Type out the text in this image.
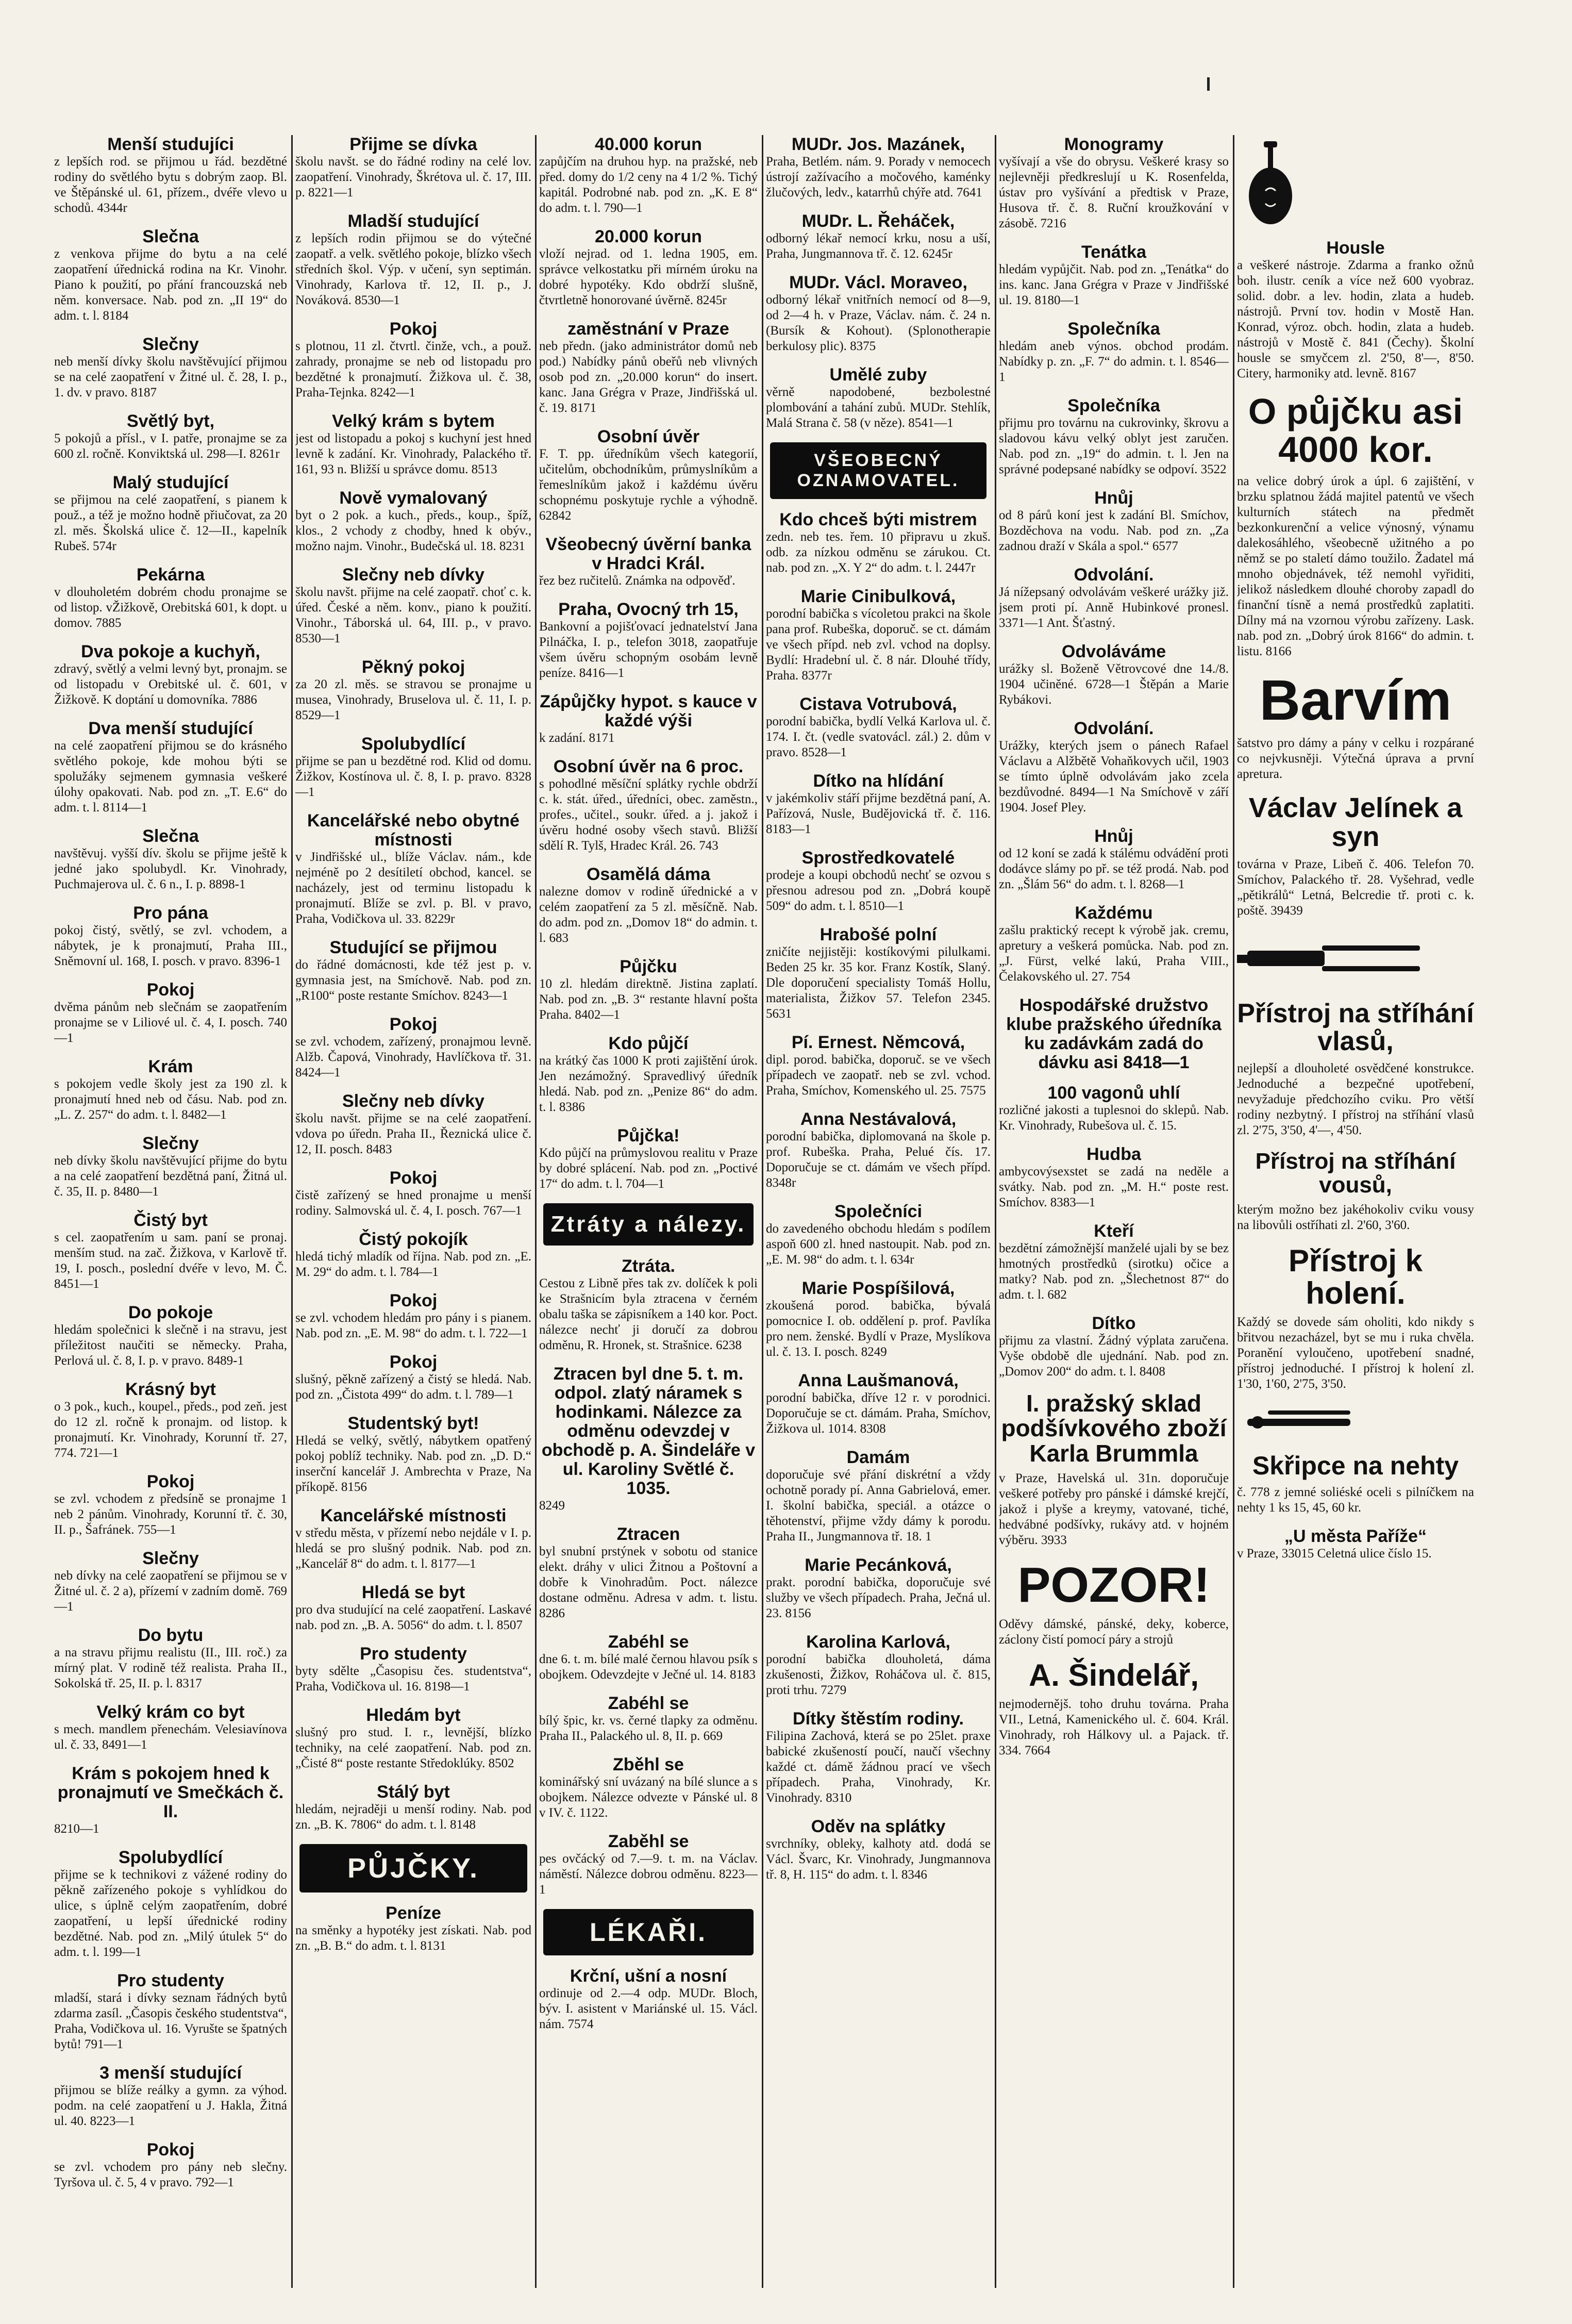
Menší studujíci
z lepších rod. se přijmou u řád. bezdětné rodiny do světlého bytu s dobrým zaop. Bl. ve Štěpánské ul. 61, přízem., dvéře vlevo u schodů. 4344r
Slečna
z venkova přijme do bytu a na celé zaopatření úřednická rodina na Kr. Vinohr. Piano k použití, po přání francouzská neb něm. konversace. Nab. pod zn. „II 19“ do adm. t. l. 8184
Slečny
neb menší dívky školu navštěvující přijmou se na celé zaopatření v Žitné ul. č. 28, I. p., 1. dv. v pravo. 8187
Světlý byt,
5 pokojů a přísl., v I. patře, pronajme se za 600 zl. ročně. Konviktská ul. 298—I. 8261r
Malý studující
se přijmou na celé zaopatření, s pianem k použ., a též je možno hodně přiučovat, za 20 zl. měs. Školská ulice č. 12—II., kapelník Rubeš. 574r
Pekárna
v dlouholetém dobrém chodu pronajme se od listop. vŽižkově, Orebitská 601, k dopt. u domov. 7885
Dva pokoje a kuchyň,
zdravý, světlý a velmi levný byt, pronajm. se od listopadu v Orebitské ul. č. 601, v Žižkově. K doptání u domovníka. 7886
Dva menší studující
na celé zaopatření přijmou se do krásného světlého pokoje, kde mohou býti se spolužáky sejmenem gymnasia veškeré úlohy opakovati. Nab. pod zn. „T. E.6“ do adm. t. l. 8114—1
Slečna
navštěvuj. vyšší dív. školu se přijme ještě k jedné jako spolubydl. Kr. Vinohrady, Puchmajerova ul. č. 6 n., I. p. 8898-1
Pro pána
pokoj čistý, světlý, se zvl. vchodem, a nábytek, je k pronajmutí, Praha III., Sněmovní ul. 168, I. posch. v pravo. 8396-1
Pokoj
dvěma pánům neb slečnám se zaopatřením pronajme se v Liliové ul. č. 4, I. posch. 740—1
Krám
s pokojem vedle školy jest za 190 zl. k pronajmutí hned neb od čásu. Nab. pod zn. „L. Z. 257“ do adm. t. l. 8482—1
Slečny
neb dívky školu navštěvující přijme do bytu a na celé zaopatření bezdětná paní, Žitná ul. č. 35, II. p. 8480—1
Čistý byt
s cel. zaopatřením u sam. paní se pronaj. menším stud. na zač. Žižkova, v Karlově tř. 19, I. posch., poslední dvéře v levo, M. Č. 8451—1
Do pokoje
hledám společnici k slečně i na stravu, jest příležitost naučiti se německy. Praha, Perlová ul. č. 8, I. p. v pravo. 8489-1
Krásný byt
o 3 pok., kuch., koupel., předs., pod zeň. jest do 12 zl. ročně k pronajm. od listop. k pronajmutí. Kr. Vinohrady, Korunní tř. 27, 774. 721—1
Pokoj
se zvl. vchodem z předsíně se pronajme 1 neb 2 pánům. Vinohrady, Korunní tř. č. 30, II. p., Šafránek. 755—1
Slečny
neb dívky na celé zaopatření se přijmou se v Žitné ul. č. 2 a), přízemí v zadním domě. 769—1
Do bytu
a na stravu přijmu realistu (II., III. roč.) za mírný plat. V rodině též realista. Praha II., Sokolská tř. 25, II. p. l. 8317
Velký krám co byt
s mech. mandlem přenechám. Velesiavínova ul. č. 33, 8491—1
Krám s pokojem hned k pronajmutí ve Smečkách č. II.
8210—1
Spolubydlící
přijme se k technikovi z vážené rodiny do pěkně zařízeného pokoje s vyhlídkou do ulice, s úplně celým zaopatřením, dobré zaopatření, u lepší úřednické rodiny bezdětné. Nab. pod zn. „Milý útulek 5“ do adm. t. l. 199—1
Pro studenty
mladší, stará i dívky seznam řádných bytů zdarma zasíl. „Časopis českého studentstva“, Praha, Vodičkova ul. 16. Vyrušte se špatných bytů! 791—1
3 menší studující
přijmou se blíže reálky a gymn. za výhod. podm. na celé zaopatření u J. Hakla, Žitná ul. 40. 8223—1
Pokoj
se zvl. vchodem pro pány neb slečny. Tyršova ul. č. 5, 4 v pravo. 792—1
Přijme se dívka
školu navšt. se do řádné rodiny na celé lov. zaopatření. Vinohrady, Škrétova ul. č. 17, III. p. 8221—1
Mladší studující
z lepších rodin přijmou se do výtečné zaopatř. a velk. světlého pokoje, blízko všech středních škol. Výp. v učení, syn septimán. Vinohrady, Karlova tř. 12, II. p., J. Nováková. 8530—1
Pokoj
s plotnou, 11 zl. čtvrtl. činže, vch., a použ. zahrady, pronajme se neb od listopadu pro bezdětné k pronajmutí. Žižkova ul. č. 38, Praha-Tejnka. 8242—1
Velký krám s bytem
jest od listopadu a pokoj s kuchyní jest hned levně k zadání. Kr. Vinohrady, Palackého tř. 161, 93 n. Bližší u správce domu. 8513
Nově vymalovaný
byt o 2 pok. a kuch., předs., koup., špíž, klos., 2 vchody z chodby, hned k obýv., možno najm. Vinohr., Budečská ul. 18. 8231
Slečny neb dívky
školu navšt. přijme na celé zaopatř. choť c. k. úřed. České a něm. konv., piano k použití. Vinohr., Táborská ul. 64, III. p., v pravo. 8530—1
Pěkný pokoj
za 20 zl. měs. se stravou se pronajme u musea, Vinohrady, Bruselova ul. č. 11, I. p. 8529—1
Spolubydlící
přijme se pan u bezdětné rod. Klid od domu. Žižkov, Kostínova ul. č. 8, I. p. pravo. 8328—1
Kancelářské nebo obytné místnosti
v Jindřišské ul., blíže Václav. nám., kde nejméně po 2 desítiletí obchod, kancel. se nacházely, jest od terminu listopadu k pronajmutí. Blíže se zvl. p. Bl. v pravo, Praha, Vodičkova ul. 33. 8229r
Studující se přijmou
do řádné domácnosti, kde též jest p. v. gymnasia jest, na Smíchově. Nab. pod zn. „R100“ poste restante Smíchov. 8243—1
Pokoj
se zvl. vchodem, zařízený, pronajmou levně. Alžb. Čapová, Vinohrady, Havlíčkova tř. 31. 8424—1
Slečny neb dívky
školu navšt. přijme se na celé zaopatření. vdova po úředn. Praha II., Řeznická ulice č. 12, II. posch. 8483
Pokoj
čistě zařízený se hned pronajme u menší rodiny. Salmovská ul. č. 4, I. posch. 767—1
Čistý pokojík
hledá tichý mladík od října. Nab. pod zn. „E. M. 29“ do adm. t. l. 784—1
Pokoj
se zvl. vchodem hledám pro pány i s pianem. Nab. pod zn. „E. M. 98“ do adm. t. l. 722—1
Pokoj
slušný, pěkně zařízený a čistý se hledá. Nab. pod zn. „Čistota 499“ do adm. t. l. 789—1
Studentský byt!
Hledá se velký, světlý, nábytkem opatřený pokoj poblíž techniky. Nab. pod zn. „D. D.“ inserční kancelář J. Ambrechta v Praze, Na příkopě. 8156
Kancelářské místnosti
v středu města, v přízemí nebo nejdále v I. p. hledá se pro slušný podnik. Nab. pod zn. „Kancelář 8“ do adm. t. l. 8177—1
Hledá se byt
pro dva studující na celé zaopatření. Laskavé nab. pod zn. „B. A. 5056“ do adm. t. l. 8507
Pro studenty
byty sdělte „Časopisu čes. studentstva“, Praha, Vodičkova ul. 16. 8198—1
Hledám byt
slušný pro stud. I. r., levnější, blízko techniky, na celé zaopatření. Nab. pod zn. „Čisté 8“ poste restante Středoklúky. 8502
Stálý byt
hledám, nejraději u menší rodiny. Nab. pod zn. „B. K. 7806“ do adm. t. l. 8148
PŮJČKY.
Peníze
na směnky a hypotéky jest získati. Nab. pod zn. „B. B.“ do adm. t. l. 8131
40.000 korun
zapůjčím na druhou hyp. na pražské, neb před. domy do 1/2 ceny na 4 1/2 %. Tichý kapitál. Podrobné nab. pod zn. „K. E 8“ do adm. t. l. 790—1
20.000 korun
vloží nejrad. od 1. ledna 1905, em. správce velkostatku při mírném úroku na dobré hypotéky. Kdo obdrží slušně, čtvrtletně honorované úvěrně. 8245r
zaměstnání v Praze
neb předn. (jako administrátor domů neb pod.) Nabídky pánů obeřů neb vlivných osob pod zn. „20.000 korun“ do insert. kanc. Jana Grégra v Praze, Jindřišská ul. č. 19. 8171
Osobní úvěr
F. T. pp. úředníkům všech kategorií, učitelům, obchodníkům, průmyslníkům a řemeslníkům jakož i každému úvěru schopnému poskytuje rychle a výhodně. 62842
Všeobecný úvěrní banka v Hradci Král.
řez bez ručitelů. Známka na odpověď.
Praha, Ovocný trh 15,
Bankovní a pojišťovací jednatelství Jana Pilnáčka, I. p., telefon 3018, zaopatřuje všem úvěru schopným osobám levně peníze. 8416—1
Zápůjčky hypot. s kauce v každé výši
k zadání. 8171
Osobní úvěr na 6 proc.
s pohodlné měsíční splátky rychle obdrží c. k. stát. úřed., úředníci, obec. zaměstn., profes., učitel., soukr. úřed. a j. jakož i úvěru hodné osoby všech stavů. Bližší sdělí R. Tylš, Hradec Král. 26. 743
Osamělá dáma
nalezne domov v rodině úřednické a v celém zaopatření za 5 zl. měsíčně. Nab. do adm. pod zn. „Domov 18“ do admin. t. l. 683
Půjčku
10 zl. hledám direktně. Jistina zaplatí. Nab. pod zn. „B. 3“ restante hlavní pošta Praha. 8402—1
Kdo půjčí
na krátký čas 1000 K proti zajištění úrok. Jen nezámožný. Spravedlivý úředník hledá. Nab. pod zn. „Penize 86“ do adm. t. l. 8386
Půjčka!
Kdo půjčí na průmyslovou realitu v Praze by dobré splácení. Nab. pod zn. „Poctivé 17“ do adm. t. l. 704—1
Ztráty a nálezy.
Ztráta.
Cestou z Libně přes tak zv. dolíček k poli ke Strašnicím byla ztracena v černém obalu taška se zápisníkem a 140 kor. Poct. nálezce nechť ji doručí za dobrou odměnu, R. Hronek, st. Strašnice. 6238
Ztracen byl dne 5. t. m. odpol. zlatý náramek s hodinkami. Nálezce za odměnu odevzdej v obchodě p. A. Šindeláře v ul. Karoliny Světlé č. 1035.
8249
Ztracen
byl snubní prstýnek v sobotu od stanice elekt. dráhy v ulici Žitnou a Poštovní a dobře k Vinohradům. Poct. nálezce dostane odměnu. Adresa v adm. t. listu. 8286
Zabéhl se
dne 6. t. m. bílé malé černou hlavou psík s obojkem. Odevzdejte v Ječné ul. 14. 8183
Zabéhl se
bílý špic, kr. vs. černé tlapky za odměnu. Praha II., Palackého ul. 8, II. p. 669
Zběhl se
kominářský sní uvázaný na bílé slunce a s obojkem. Nálezce odvezte v Pánské ul. 8 v IV. č. 1122.
Zaběhl se
pes ovčácký od 7.—9. t. m. na Václav. náměstí. Nálezce dobrou odměnu. 8223—1
LÉKAŘI.
Krční, ušní a nosní
ordinuje od 2.—4 odp. MUDr. Bloch, býv. I. asistent v Mariánské ul. 15. Václ. nám. 7574
MUDr. Jos. Mazánek,
Praha, Betlém. nám. 9. Porady v nemocech ústrojí zažívacího a močového, kaménky žlučových, ledv., katarrhů chýře atd. 7641
MUDr. L. Řeháček,
odborný lékař nemocí krku, nosu a uší, Praha, Jungmannova tř. č. 12. 6245r
MUDr. Václ. Moraveo,
odborný lékař vnitřních nemocí od 8—9, od 2—4 h. v Praze, Václav. nám. č. 24 n. (Bursík & Kohout). (Splonotherapie berkulosy plic). 8375
Umělé zuby
věrně napodobené, bezbolestné plombování a tahání zubů. MUDr. Stehlík, Malá Strana č. 58 (v něze). 8541—1
VŠEOBECNÝ OZNAMOVATEL.
Kdo chceš býti mistrem
zedn. neb tes. řem. 10 připravu u zkuš. odb. za nízkou odměnu se zárukou. Ct. nab. pod zn. „X. Y 2“ do adm. t. l. 2447r
Marie Cinibulková,
porodní babička s vícoletou prakci na škole pana prof. Rubeška, doporuč. se ct. dámám ve všech přípd. neb zvl. vchod na doplsy. Bydlí: Hradební ul. č. 8 nár. Dlouhé třídy, Praha. 8377r
Cistava Votrubová,
porodní babička, bydlí Velká Karlova ul. č. 174. I. čt. (vedle svatovácl. zál.) 2. dům v pravo. 8528—1
Dítko na hlídání
v jakémkoliv stáří přijme bezdětná paní, A. Pařízová, Nusle, Budějovická tř. č. 116. 8183—1
Sprostředkovatelé
prodeje a koupi obchodů nechť se ozvou s přesnou adresou pod zn. „Dobrá koupě 509“ do adm. t. l. 8510—1
Hrabošé polní
zničíte nejjistěji: kostíkovými pilulkami. Beden 25 kr. 35 kor. Franz Kostík, Slaný. Dle doporučení specialisty Tomáš Hollu, materialista, Žižkov 57. Telefon 2345. 5631
Pí. Ernest. Němcová,
dipl. porod. babička, doporuč. se ve všech případech ve zaopatř. neb se zvl. vchod. Praha, Smíchov, Komenského ul. 25. 7575
Anna Nestávalová,
porodní babička, diplomovaná na škole p. prof. Rubeška. Praha, Pelué čís. 17. Doporučuje se ct. dámám ve všech přípd. 8348r
Společníci
do zavedeného obchodu hledám s podílem aspoň 600 zl. hned nastoupit. Nab. pod zn. „E. M. 98“ do adm. t. l. 634r
Marie Pospíšilová,
zkoušená porod. babička, bývalá pomocnice I. ob. oddělení p. prof. Pavlíka pro nem. ženské. Bydlí v Praze, Myslíkova ul. č. 13. I. posch. 8249
Anna Laušmanová,
porodní babička, dříve 12 r. v porodnici. Doporučuje se ct. dámám. Praha, Smíchov, Žižkova ul. 1014. 8308
Damám
doporučuje své přání diskrétní a vždy ochotně porady pí. Anna Gabrielová, emer. I. školní babička, speciál. a otázce o těhotenství, přijme vždy dámy k porodu. Praha II., Jungmannova tř. 18. 1
Marie Pecánková,
prakt. porodní babička, doporučuje své služby ve všech případech. Praha, Ječná ul. 23. 8156
Karolina Karlová,
porodní babička dlouholetá, dáma zkušenosti, Žižkov, Roháčova ul. č. 815, proti trhu. 7279
Dítky štěstím rodiny.
Filipina Zachová, která se po 25let. praxe babické zkušeností poučí, naučí všechny každé ct. dámě žádnou prací ve všech případech. Praha, Vinohrady, Kr. Vinohrady. 8310
Oděv na splátky
svrchníky, obleky, kalhoty atd. dodá se Václ. Švarc, Kr. Vinohrady, Jungmannova tř. 8, H. 115“ do adm. t. l. 8346
Monogramy
vyšívají a vše do obrysu. Veškeré krasy so nejlevněji předkreslují u K. Rosenfelda, ústav pro vyšívání a předtisk v Praze, Husova tř. č. 8. Ruční kroužkování v zásobě. 7216
Tenátka
hledám vypůjčit. Nab. pod zn. „Tenátka“ do ins. kanc. Jana Grégra v Praze v Jindřišské ul. 19. 8180—1
Společníka
hledám aneb výnos. obchod prodám. Nabídky p. zn. „F. 7“ do admin. t. l. 8546—1
Společníka
přijmu pro továrnu na cukrovinky, škrovu a sladovou kávu velký oblyt jest zaručen. Nab. pod zn. „19“ do admin. t. l. Jen na správné podepsané nabídky se odpoví. 3522
Hnůj
od 8 párů koní jest k zadání Bl. Smíchov, Bozděchova na vodu. Nab. pod zn. „Za zadnou draží v Skála a spol.“ 6577
Odvolání.
Já nížepsaný odvolávám veškeré urážky již. jsem proti pí. Anně Hubinkové pronesl. 3371—1 Ant. Šťastný.
Odvoláváme
urážky sl. Boženě Větrovcové dne 14./8. 1904 učiněné. 6728—1 Štěpán a Marie Rybákovi.
Odvolání.
Urážky, kterých jsem o pánech Rafael Václavu a Alžbětě Vohaňkovych učil, 1903 se tímto úplně odvolávám jako zcela bezdůvodné. 8494—1 Na Smíchově v září 1904. Josef Pley.
Hnůj
od 12 koní se zadá k stálému odvádění proti dodávce slámy po př. se též prodá. Nab. pod zn. „Šlám 56“ do adm. t. l. 8268—1
Každému
zašlu praktický recept k výrobě jak. cremu, apretury a veškerá pomůcka. Nab. pod zn. „J. Fürst, velké lakú, Praha VIII., Čelakovského ul. 27. 754
Hospodářské družstvo klube pražského úředníka ku zadávkám zadá do dávku asi 8418—1
100 vagonů uhlí
rozličné jakosti a tuplesnoi do sklepů. Nab. Kr. Vinohrady, Rubešova ul. č. 15.
Hudba
ambycovýsexstet se zadá na neděle a svátky. Nab. pod zn. „M. H.“ poste rest. Smíchov. 8383—1
Kteří
bezdětní zámožnější manželé ujali by se bez hmotných prostředků (sirotku) očice a matky? Nab. pod zn. „Šlechetnost 87“ do adm. t. l. 682
Dítko
přijmu za vlastní. Žádný výplata zaručena. Vyše obdobě dle ujednání. Nab. pod zn. „Domov 200“ do adm. t. l. 8408
I. pražský sklad podšívkového zboží Karla Brummla
v Praze, Havelská ul. 31n. doporučuje veškeré potřeby pro pánské i dámské krejčí, jakož i plyše a kreymy, vatované, tiché, hedvábné podšívky, rukávy atd. v hojném výběru. 3933
POZOR!
Oděvy dámské, pánské, deky, koberce, záclony čistí pomocí páry a strojů
A. Šindelář,
nejmodernějš. toho druhu továrna. Praha VII., Letná, Kamenického ul. č. 604. Král. Vinohrady, roh Hálkovy ul. a Pajack. tř. 334. 7664
Housle
a veškeré nástroje. Zdarma a franko ožnů boh. ilustr. ceník a více než 600 vyobraz. solid. dobr. a lev. hodin, zlata a hudeb. nástrojů. První tov. hodin v Mostě Han. Konrad, výroz. obch. hodin, zlata a hudeb. nástrojů v Mostě č. 841 (Čechy). Školní housle se smyčcem zl. 2'50, 8'—, 8'50. Citery, harmoniky atd. levně. 8167
O půjčku asi 4000 kor.
na velice dobrý úrok a úpl. 6 zajištění, v brzku splatnou žádá majitel patentů ve všech kulturních státech na předmět bezkonkurenční a velice výnosný, výnamu dalekosáhlého, všeobecně užitného a po němž se po staletí dámo toužilo. Žadatel má mnoho objednávek, též nemohl vyřiditi, jelikož následkem dlouhé choroby zapadl do finanční tísně a nemá prostředků zaplatiti. Dílny má na vzornou výrobu zařízeny. Lask. nab. pod zn. „Dobrý úrok 8166“ do admin. t. listu. 8166
Barvím
šatstvo pro dámy a pány v celku i rozpárané co nejvkusněji. Výtečná úprava a první apretura.
Václav Jelínek a syn
továrna v Praze, Libeň č. 406. Telefon 70. Smíchov, Palackého tř. 28. Vyšehrad, vedle „pětikrálů“ Letná, Belcredie tř. proti c. k. poště. 39439
Přístroj na stříhání vlasů,
nejlepší a dlouholeté osvědčené konstrukce. Jednoduché a bezpečné upotřebení, nevyžaduje předchozího cviku. Pro větší rodiny nezbytný. I přístroj na stříhání vlasů zl. 2'75, 3'50, 4'—, 4'50.
Přístroj na stříhání vousů,
kterým možno bez jakéhokoliv cviku vousy na libovůli ostříhati zl. 2'60, 3'60.
Přístroj k holení.
Každý se dovede sám oholiti, kdo nikdy s břitvou nezacházel, byt se mu i ruka chvěla. Poranění vyloučeno, upotřebení snadné, přístroj jednoduché. I přístroj k holení zl. 1'30, 1'60, 2'75, 3'50.
Skřipce na nehty
č. 778 z jemné soliéské oceli s pilníčkem na nehty 1 ks 15, 45, 60 kr.
„U města Paříže“
v Praze, 33015 Celetná ulice číslo 15.
